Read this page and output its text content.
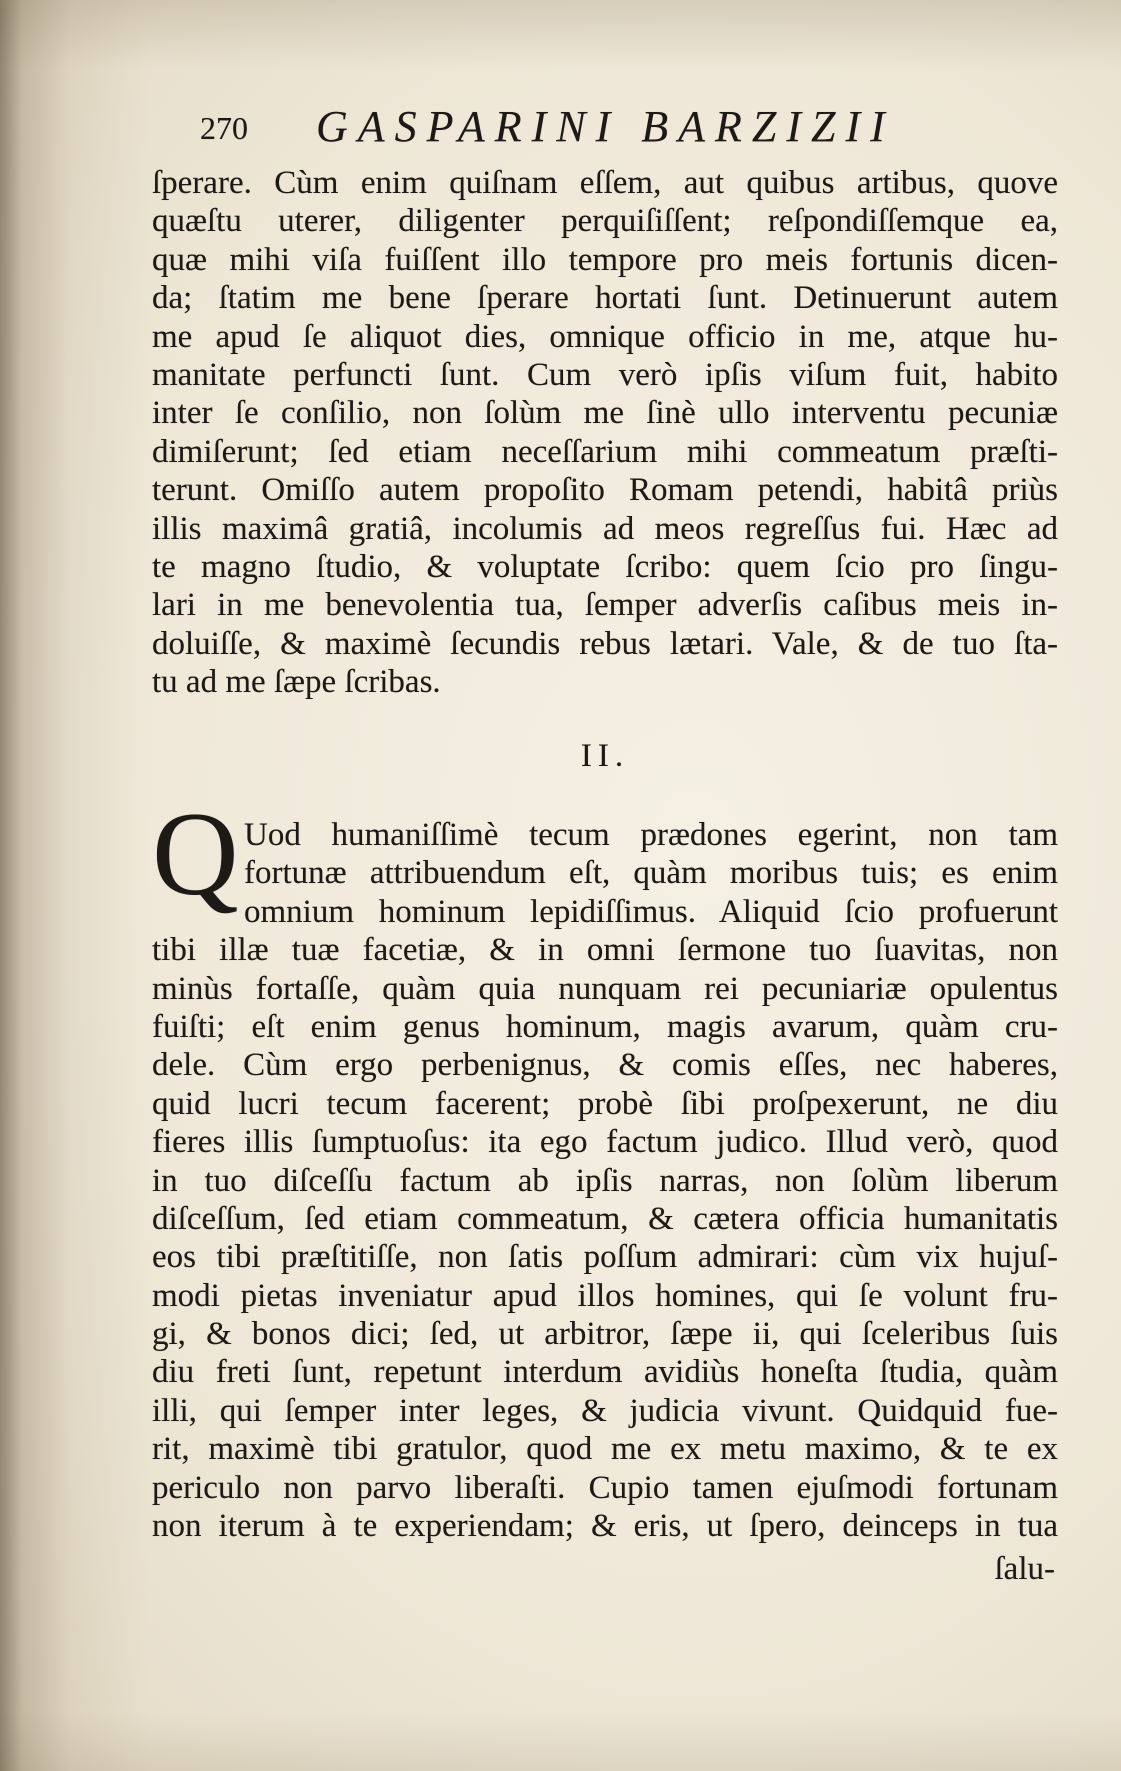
270 GASPARINI BARZIZII
ſperare. Cùm enim quiſnam eſſem, aut quibus artibus, quove
quæſtu uterer, diligenter perquiſiſſent; reſpondiſſemque ea,
quæ mihi viſa fuiſſent illo tempore pro meis fortunis dicen-
da; ſtatim me bene ſperare hortati ſunt. Detinuerunt autem
me apud ſe aliquot dies, omnique officio in me, atque hu-
manitate perfuncti ſunt. Cum verò ipſis viſum fuit, habito
inter ſe conſilio, non ſolùm me ſinè ullo interventu pecuniæ
dimiſerunt; ſed etiam neceſſarium mihi commeatum præſti-
terunt. Omiſſo autem propoſito Romam petendi, habitâ priùs
illis maximâ gratiâ, incolumis ad meos regreſſus fui. Hæc ad
te magno ſtudio, & voluptate ſcribo: quem ſcio pro ſingu-
lari in me benevolentia tua, ſemper adverſis caſibus meis in-
doluiſſe, & maximè ſecundis rebus lætari. Vale, & de tuo ſta-
tu ad me ſæpe ſcribas.
II.
Q Uod humaniſſimè tecum prædones egerint, non tam
fortunæ attribuendum eſt, quàm moribus tuis; es enim
omnium hominum lepidiſſimus. Aliquid ſcio profuerunt
tibi illæ tuæ facetiæ, & in omni ſermone tuo ſuavitas, non
minùs fortaſſe, quàm quia nunquam rei pecuniariæ opulentus
fuiſti; eſt enim genus hominum, magis avarum, quàm cru-
dele. Cùm ergo perbenignus, & comis eſſes, nec haberes,
quid lucri tecum facerent; probè ſibi proſpexerunt, ne diu
fieres illis ſumptuoſus: ita ego factum judico. Illud verò, quod
in tuo diſceſſu factum ab ipſis narras, non ſolùm liberum
diſceſſum, ſed etiam commeatum, & cætera officia humanitatis
eos tibi præſtitiſſe, non ſatis poſſum admirari: cùm vix hujuſ-
modi pietas inveniatur apud illos homines, qui ſe volunt fru-
gi, & bonos dici; ſed, ut arbitror, ſæpe ii, qui ſceleribus ſuis
diu freti ſunt, repetunt interdum avidiùs honeſta ſtudia, quàm
illi, qui ſemper inter leges, & judicia vivunt. Quidquid fue-
rit, maximè tibi gratulor, quod me ex metu maximo, & te ex
periculo non parvo liberaſti. Cupio tamen ejuſmodi fortunam
non iterum à te experiendam; & eris, ut ſpero, deinceps in tua
ſalu-
